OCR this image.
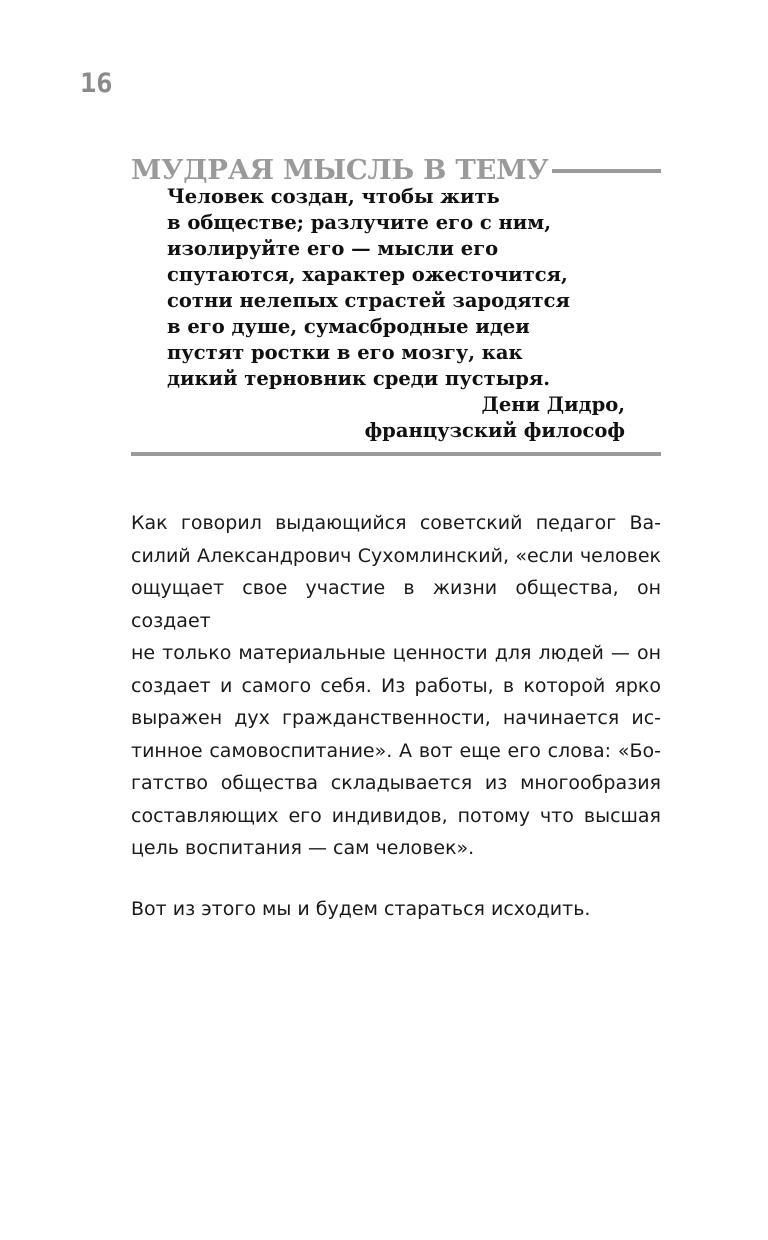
16
МУДРАЯ МЫСЛЬ В ТЕМУ
Человек создан, чтобы жить
в обществе; разлучите его с ним,
изолируйте его — мысли его
спутаются, характер ожесточится,
сотни нелепых страстей зародятся
в его душе, сумасбродные идеи
пустят ростки в его мозгу, как
дикий терновник среди пустыря.
Дени Дидро,
французский философ
Как говорил выдающийся советский педагог Ва-
силий Александрович Сухомлинский, «если человек
ощущает свое участие в жизни общества, он создает
не только материальные ценности для людей — он
создает и самого себя. Из работы, в которой ярко
выражен дух гражданственности, начинается ис-
тинное самовоспитание». А вот еще его слова: «Бо-
гатство общества складывается из многообразия
составляющих его индивидов, потому что высшая
цель воспитания — сам человек».
Вот из этого мы и будем стараться исходить.
